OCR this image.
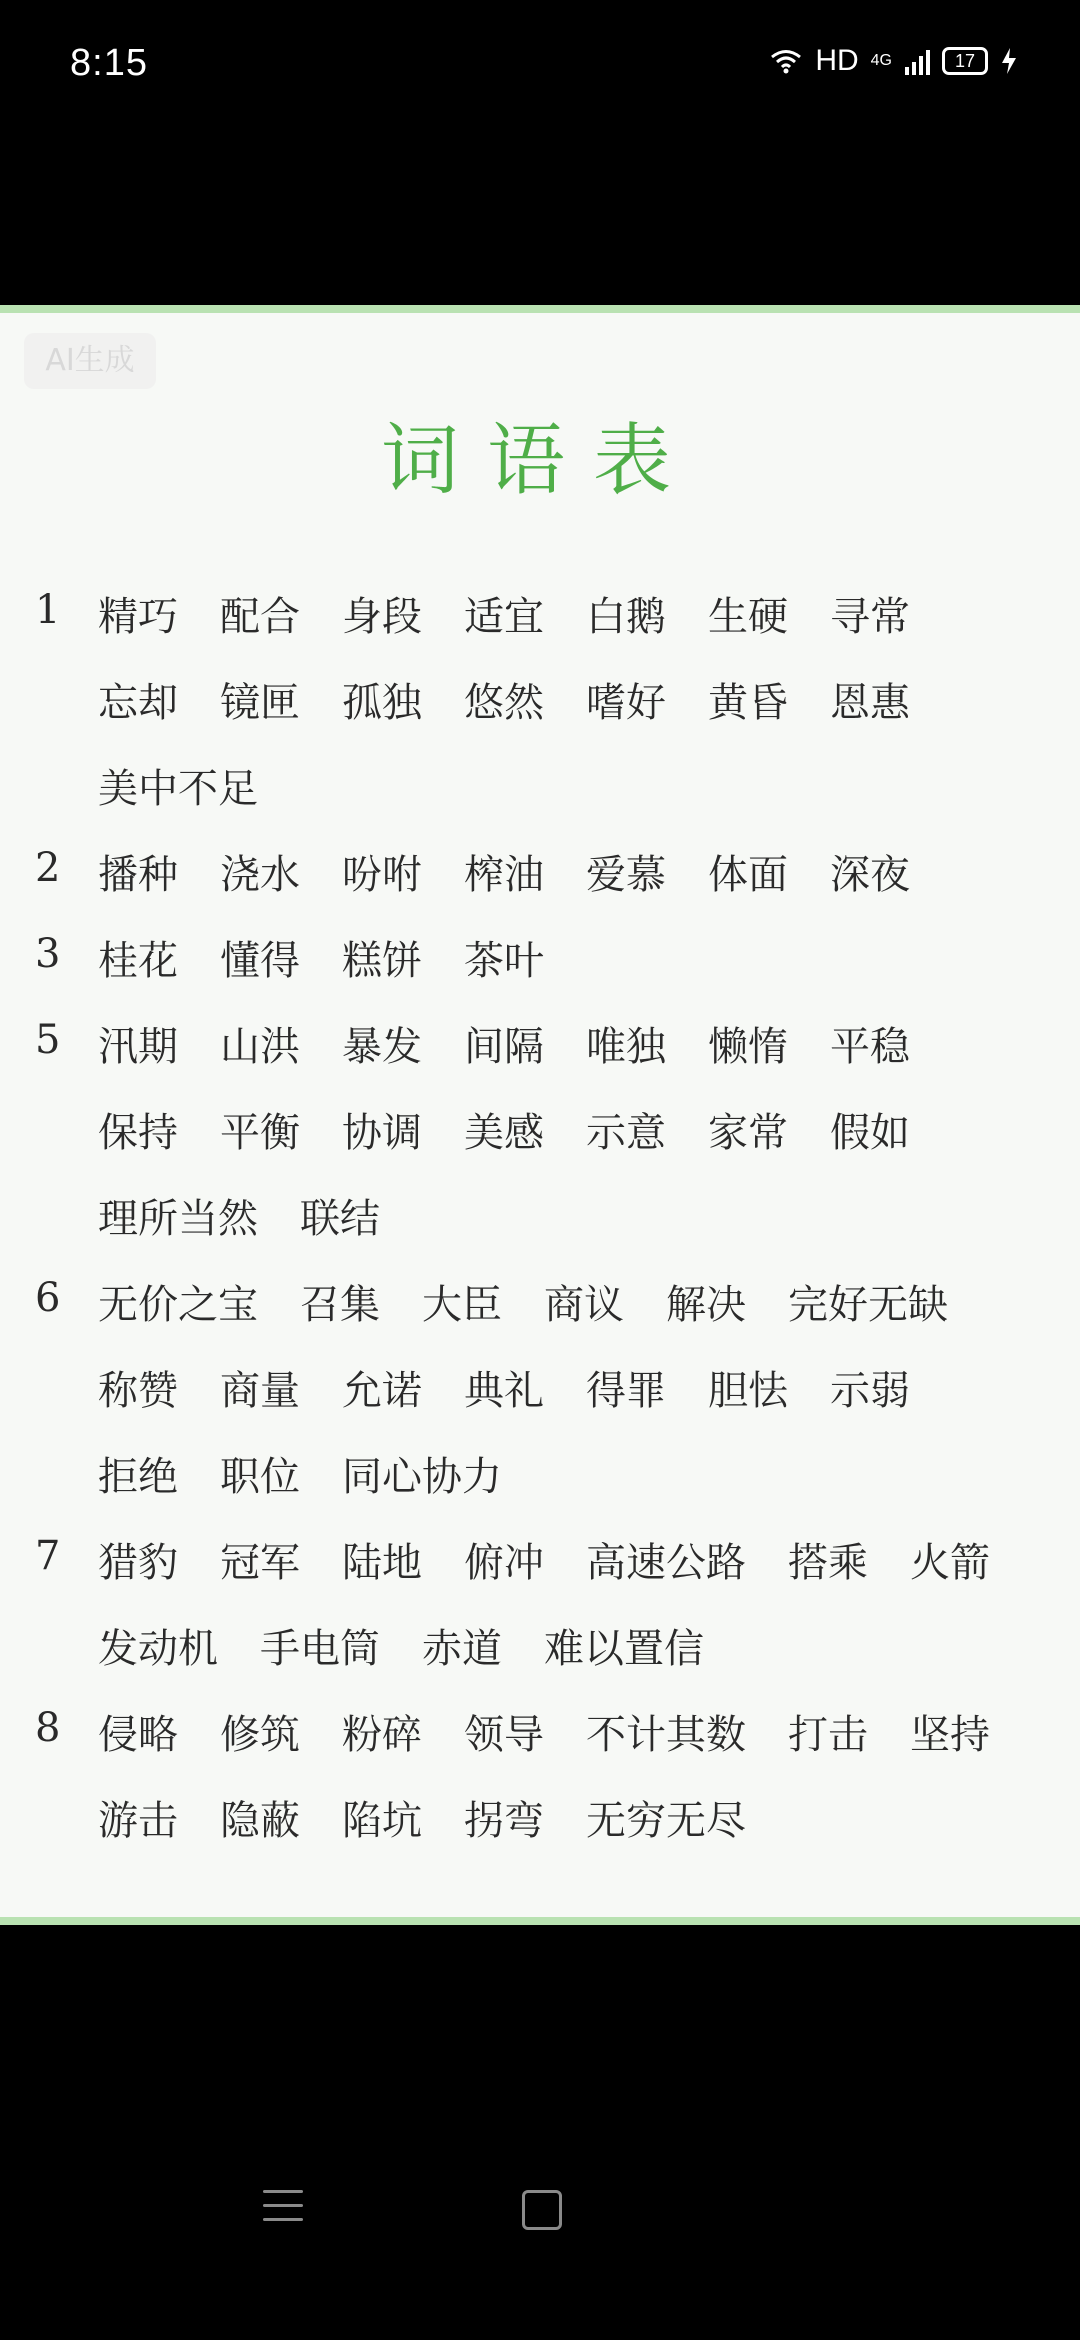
8:15	HD 4G	17
AI生成
词语表
1 精巧 配合 身段 适宜 白鹅 生硬 寻常
忘却 镜匣 孤独 悠然 嗜好 黄昏 恩惠
美中不足
2 播种 浇水 吩咐 榨油 爱慕 体面 深夜
3 桂花 懂得 糕饼 茶叶
5 汛期 山洪 暴发 间隔 唯独 懒惰 平稳
保持 平衡 协调 美感 示意 家常 假如
理所当然 联结
6 无价之宝 召集 大臣 商议 解决 完好无缺
称赞 商量 允诺 典礼 得罪 胆怯 示弱
拒绝 职位 同心协力
7 猎豹 冠军 陆地 俯冲 高速公路 搭乘 火箭
发动机 手电筒 赤道 难以置信
8 侵略 修筑 粉碎 领导 不计其数 打击 坚持
游击 隐蔽 陷坑 拐弯 无穷无尽
